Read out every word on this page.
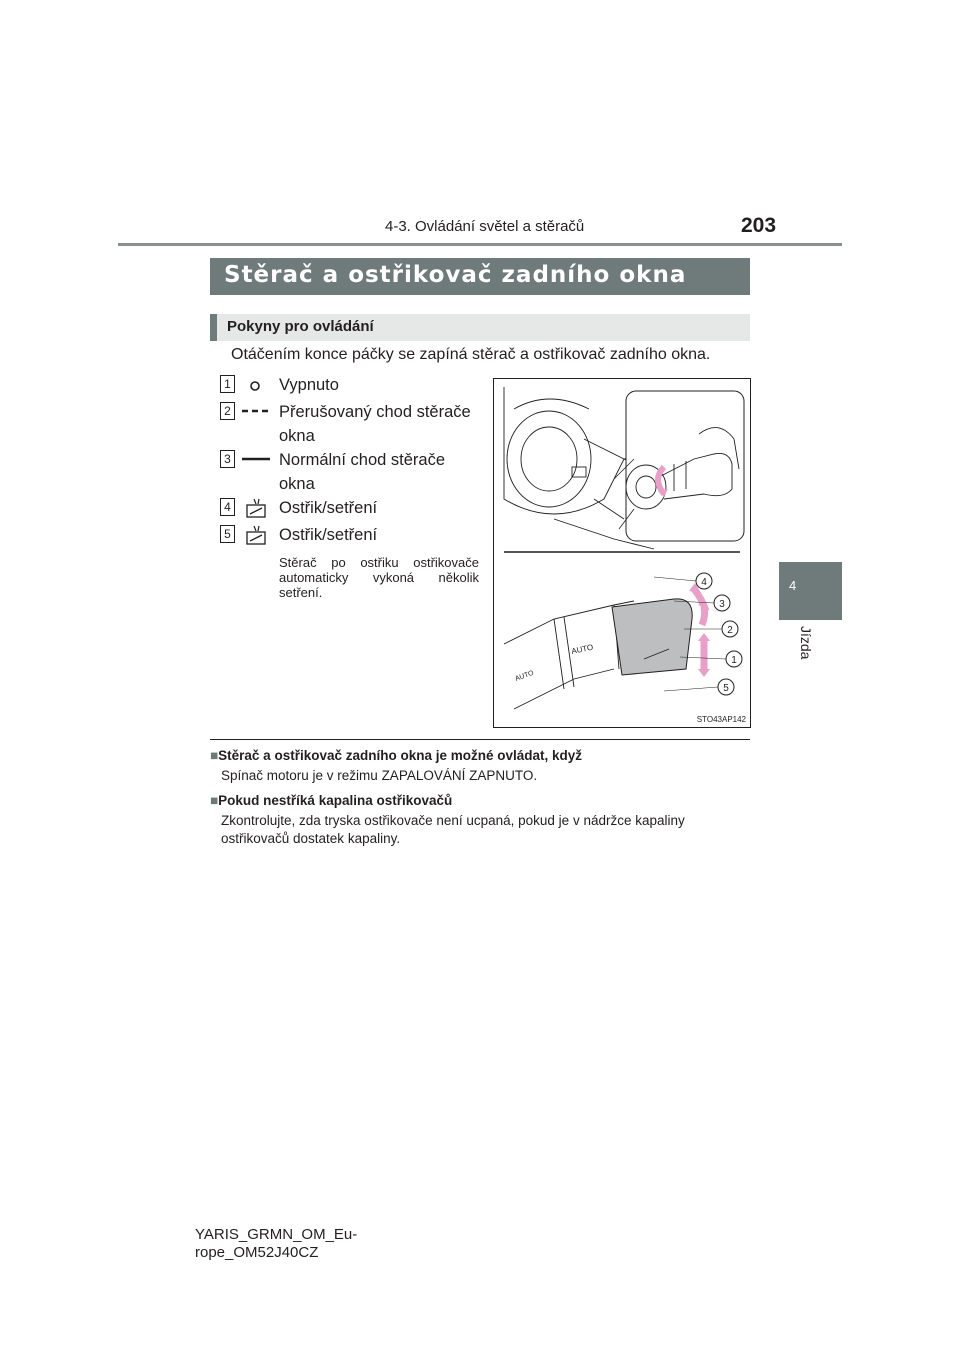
4-3. Ovládání světel a stěračů	203
4
Jízda
Stěrač a ostřikovač zadního okna
Pokyny pro ovládání
Otáčením konce páčky se zapíná stěrač a ostřikovač zadního okna.
1	Vypnuto
2	Přerušovaný chod stěrače okna
3	Normální chod stěrače okna
4	Ostřik/setření
5	Ostřik/setření
Stěrač po ostřiku ostřikovače automaticky vykoná několik setření.
AUTO
AUTO
4
3
2
1
5
STO43AP142
■Stěrač a ostřikovač zadního okna je možné ovládat, když
Spínač motoru je v režimu ZAPALOVÁNÍ ZAPNUTO.
■Pokud nestříká kapalina ostřikovačů
Zkontrolujte, zda tryska ostřikovače není ucpaná, pokud je v nádržce kapaliny ostřikovačů dostatek kapaliny.
YARIS_GRMN_OM_Eu-
rope_OM52J40CZ
